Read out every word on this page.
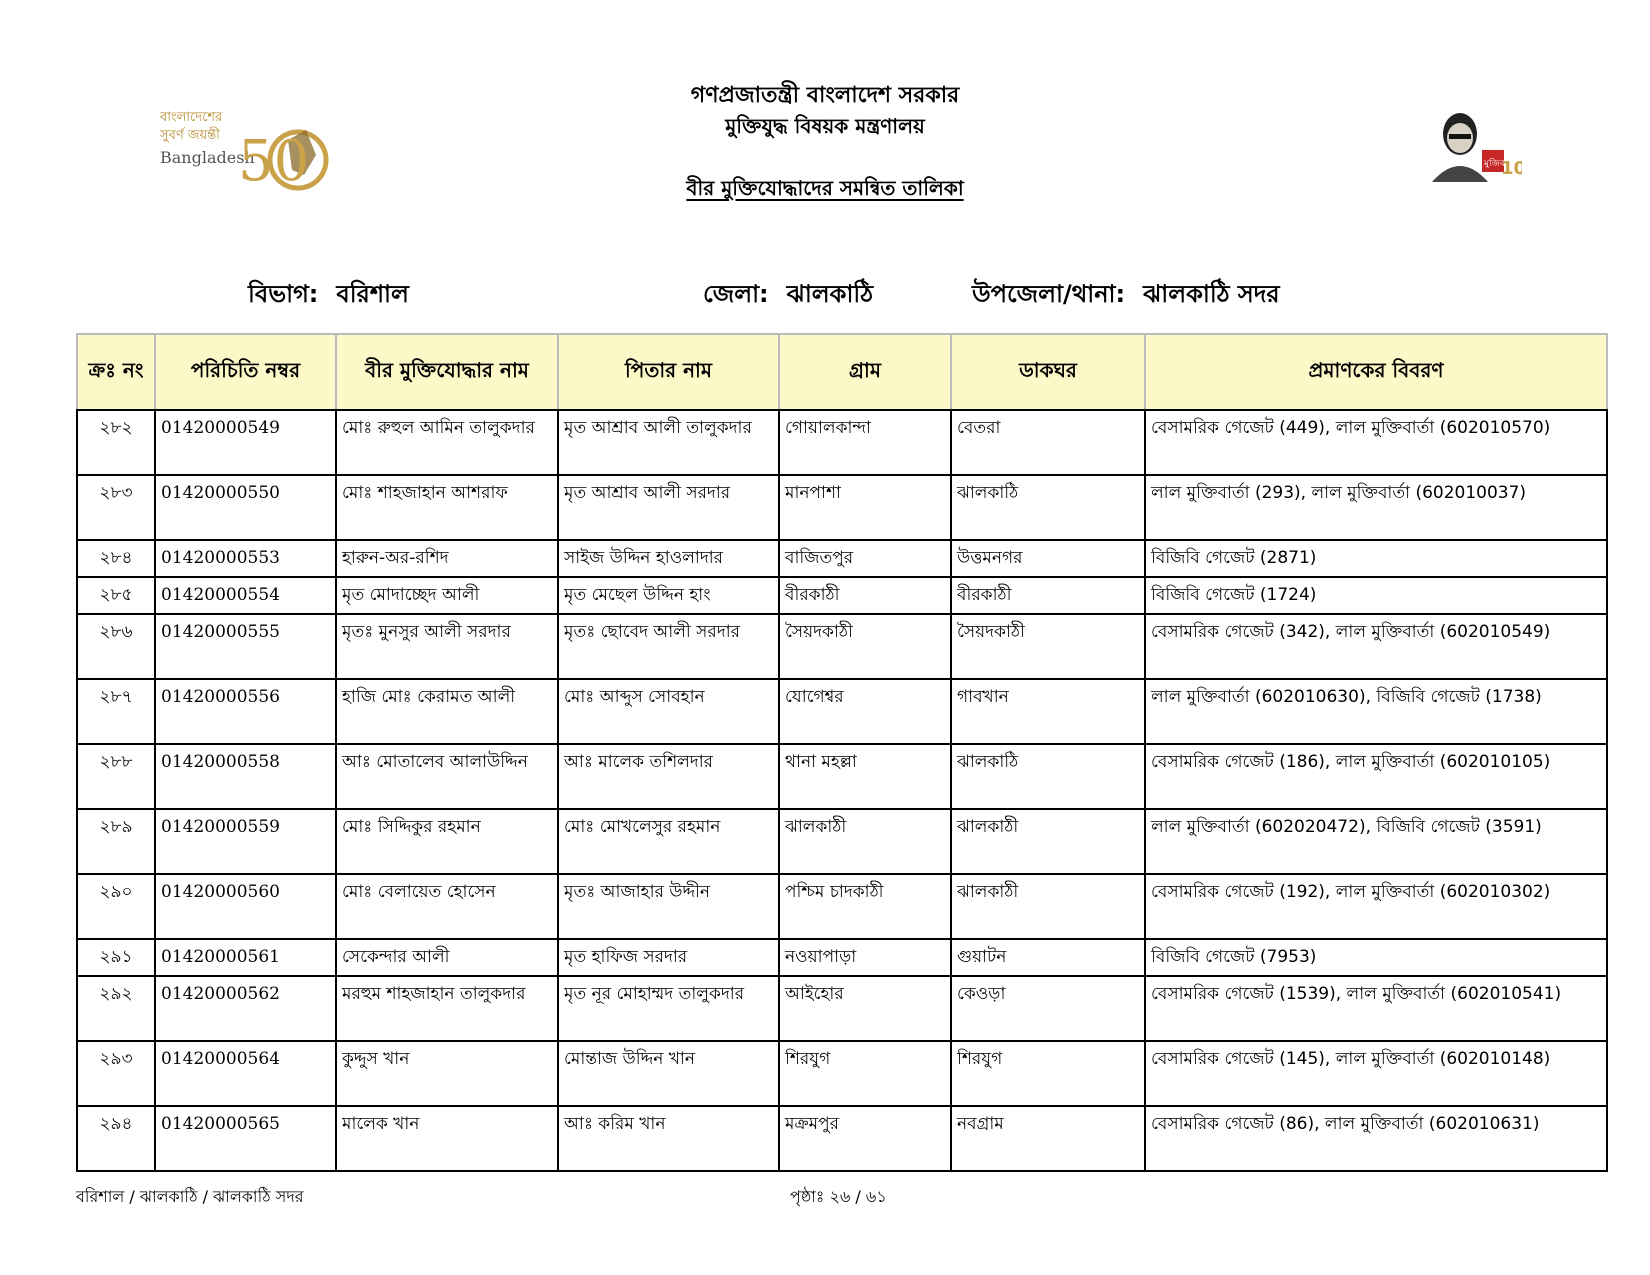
গণপ্রজাতন্ত্রী বাংলাদেশ সরকার
মুক্তিযুদ্ধ বিষয়ক মন্ত্রণালয়
বীর মুক্তিযোদ্ধাদের সমন্বিত তালিকা
বাংলাদেশের
সুবর্ণ জয়ন্তী
Bangladesh
50	মুজিব বর্ষ
10
বিভাগ: বরিশাল	জেলা: ঝালকাঠি	উপজেলা/থানা: ঝালকাঠি সদর
ক্রঃ নং	পরিচিতি নম্বর	বীর মুক্তিযোদ্ধার নাম	পিতার নাম	গ্রাম	ডাকঘর	প্রমাণকের বিবরণ
২৮২	01420000549	মোঃ রুহুল আমিন তালুকদার	মৃত আশ্রাব আলী তালুকদার	গোয়ালকান্দা	বেতরা	বেসামরিক গেজেট (449), লাল মুক্তিবার্তা (602010570)
২৮৩	01420000550	মোঃ শাহজাহান আশরাফ	মৃত আশ্রাব আলী সরদার	মানপাশা	ঝালকাঠি	লাল মুক্তিবার্তা (293), লাল মুক্তিবার্তা (602010037)
২৮৪	01420000553	হারুন-অর-রশিদ	সাইজ উদ্দিন হাওলাদার	বাজিতপুর	উত্তমনগর	বিজিবি গেজেট (2871)
২৮৫	01420000554	মৃত মোদাচ্ছেদ আলী	মৃত মেছেল উদ্দিন হাং	বীরকাঠী	বীরকাঠী	বিজিবি গেজেট (1724)
২৮৬	01420000555	মৃতঃ মুনসুর আলী সরদার	মৃতঃ ছোবেদ আলী সরদার	সৈয়দকাঠী	সৈয়দকাঠী	বেসামরিক গেজেট (342), লাল মুক্তিবার্তা (602010549)
২৮৭	01420000556	হাজি মোঃ কেরামত আলী	মোঃ আব্দুস সোবহান	যোগেশ্বর	গাবখান	লাল মুক্তিবার্তা (602010630), বিজিবি গেজেট (1738)
২৮৮	01420000558	আঃ মোতালেব আলাউদ্দিন	আঃ মালেক তশিলদার	থানা মহল্লা	ঝালকাঠি	বেসামরিক গেজেট (186), লাল মুক্তিবার্তা (602010105)
২৮৯	01420000559	মোঃ সিদ্দিকুর রহমান	মোঃ মোখলেসুর রহমান	ঝালকাঠী	ঝালকাঠী	লাল মুক্তিবার্তা (602020472), বিজিবি গেজেট (3591)
২৯০	01420000560	মোঃ বেলায়েত হোসেন	মৃতঃ আজাহার উদ্দীন	পশ্চিম চাদকাঠী	ঝালকাঠী	বেসামরিক গেজেট (192), লাল মুক্তিবার্তা (602010302)
২৯১	01420000561	সেকেন্দার আলী	মৃত হাফিজ সরদার	নওয়াপাড়া	গুয়াটন	বিজিবি গেজেট (7953)
২৯২	01420000562	মরহুম শাহজাহান তালুকদার	মৃত নূর মোহাম্মদ তালুকদার	আইহোর	কেওড়া	বেসামরিক গেজেট (1539), লাল মুক্তিবার্তা (602010541)
২৯৩	01420000564	কুদ্দুস খান	মোন্তাজ উদ্দিন খান	শিরযুগ	শিরযুগ	বেসামরিক গেজেট (145), লাল মুক্তিবার্তা (602010148)
২৯৪	01420000565	মালেক খান	আঃ করিম খান	মক্রমপুর	নবগ্রাম	বেসামরিক গেজেট (86), লাল মুক্তিবার্তা (602010631)
বরিশাল / ঝালকাঠি / ঝালকাঠি সদর	পৃষ্ঠাঃ ২৬ / ৬১
